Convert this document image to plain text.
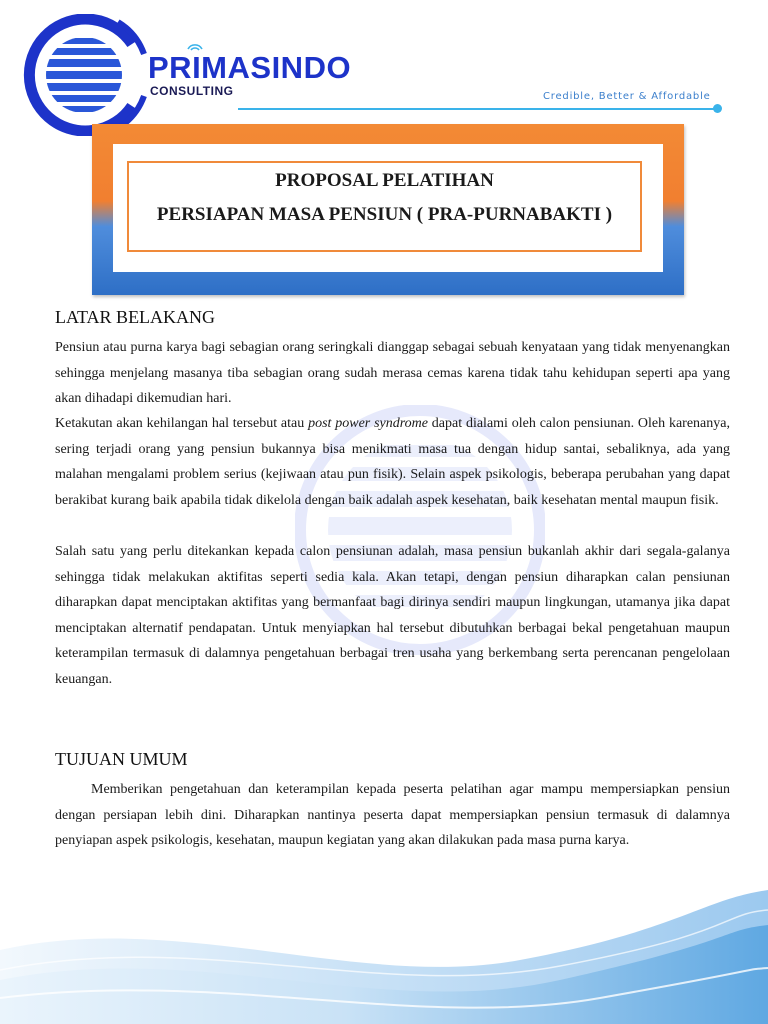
PRIMASINDO
CONSULTING	Credible, Better & Affordable
PROPOSAL PELATIHAN
PERSIAPAN MASA PENSIUN ( PRA-PURNABAKTI )
LATAR BELAKANG

Pensiun atau purna karya bagi sebagian orang seringkali dianggap sebagai sebuah kenyataan yang tidak menyenangkan sehingga menjelang masanya tiba sebagian orang sudah merasa cemas karena tidak tahu kehidupan seperti apa yang akan dihadapi dikemudian hari.

Ketakutan akan kehilangan hal tersebut atau post power syndrome dapat dialami oleh calon pensiunan. Oleh karenanya, sering terjadi orang yang pensiun bukannya bisa menikmati masa tua dengan hidup santai, sebaliknya, ada yang malahan mengalami problem serius (kejiwaan atau pun fisik). Selain aspek psikologis, beberapa perubahan yang dapat berakibat kurang baik apabila tidak dikelola dengan baik adalah aspek kesehatan, baik kesehatan mental maupun fisik.

Salah satu yang perlu ditekankan kepada calon pensiunan adalah, masa pensiun bukanlah akhir dari segala-galanya sehingga tidak melakukan aktifitas seperti sedia kala. Akan tetapi, dengan pensiun diharapkan calan pensiunan diharapkan dapat menciptakan aktifitas yang bermanfaat bagi dirinya sendiri maupun lingkungan, utamanya jika dapat menciptakan alternatif pendapatan. Untuk menyiapkan hal tersebut dibutuhkan berbagai bekal pengetahuan maupun keterampilan termasuk di dalamnya pengetahuan berbagai tren usaha yang berkembang serta perencanan pengelolaan keuangan.

TUJUAN UMUM

Memberikan pengetahuan dan keterampilan kepada peserta pelatihan agar mampu mempersiapkan pensiun dengan persiapan lebih dini. Diharapkan nantinya peserta dapat mempersiapkan pensiun termasuk di dalamnya penyiapan aspek psikologis, kesehatan, maupun kegiatan yang akan dilakukan pada masa purna karya.
